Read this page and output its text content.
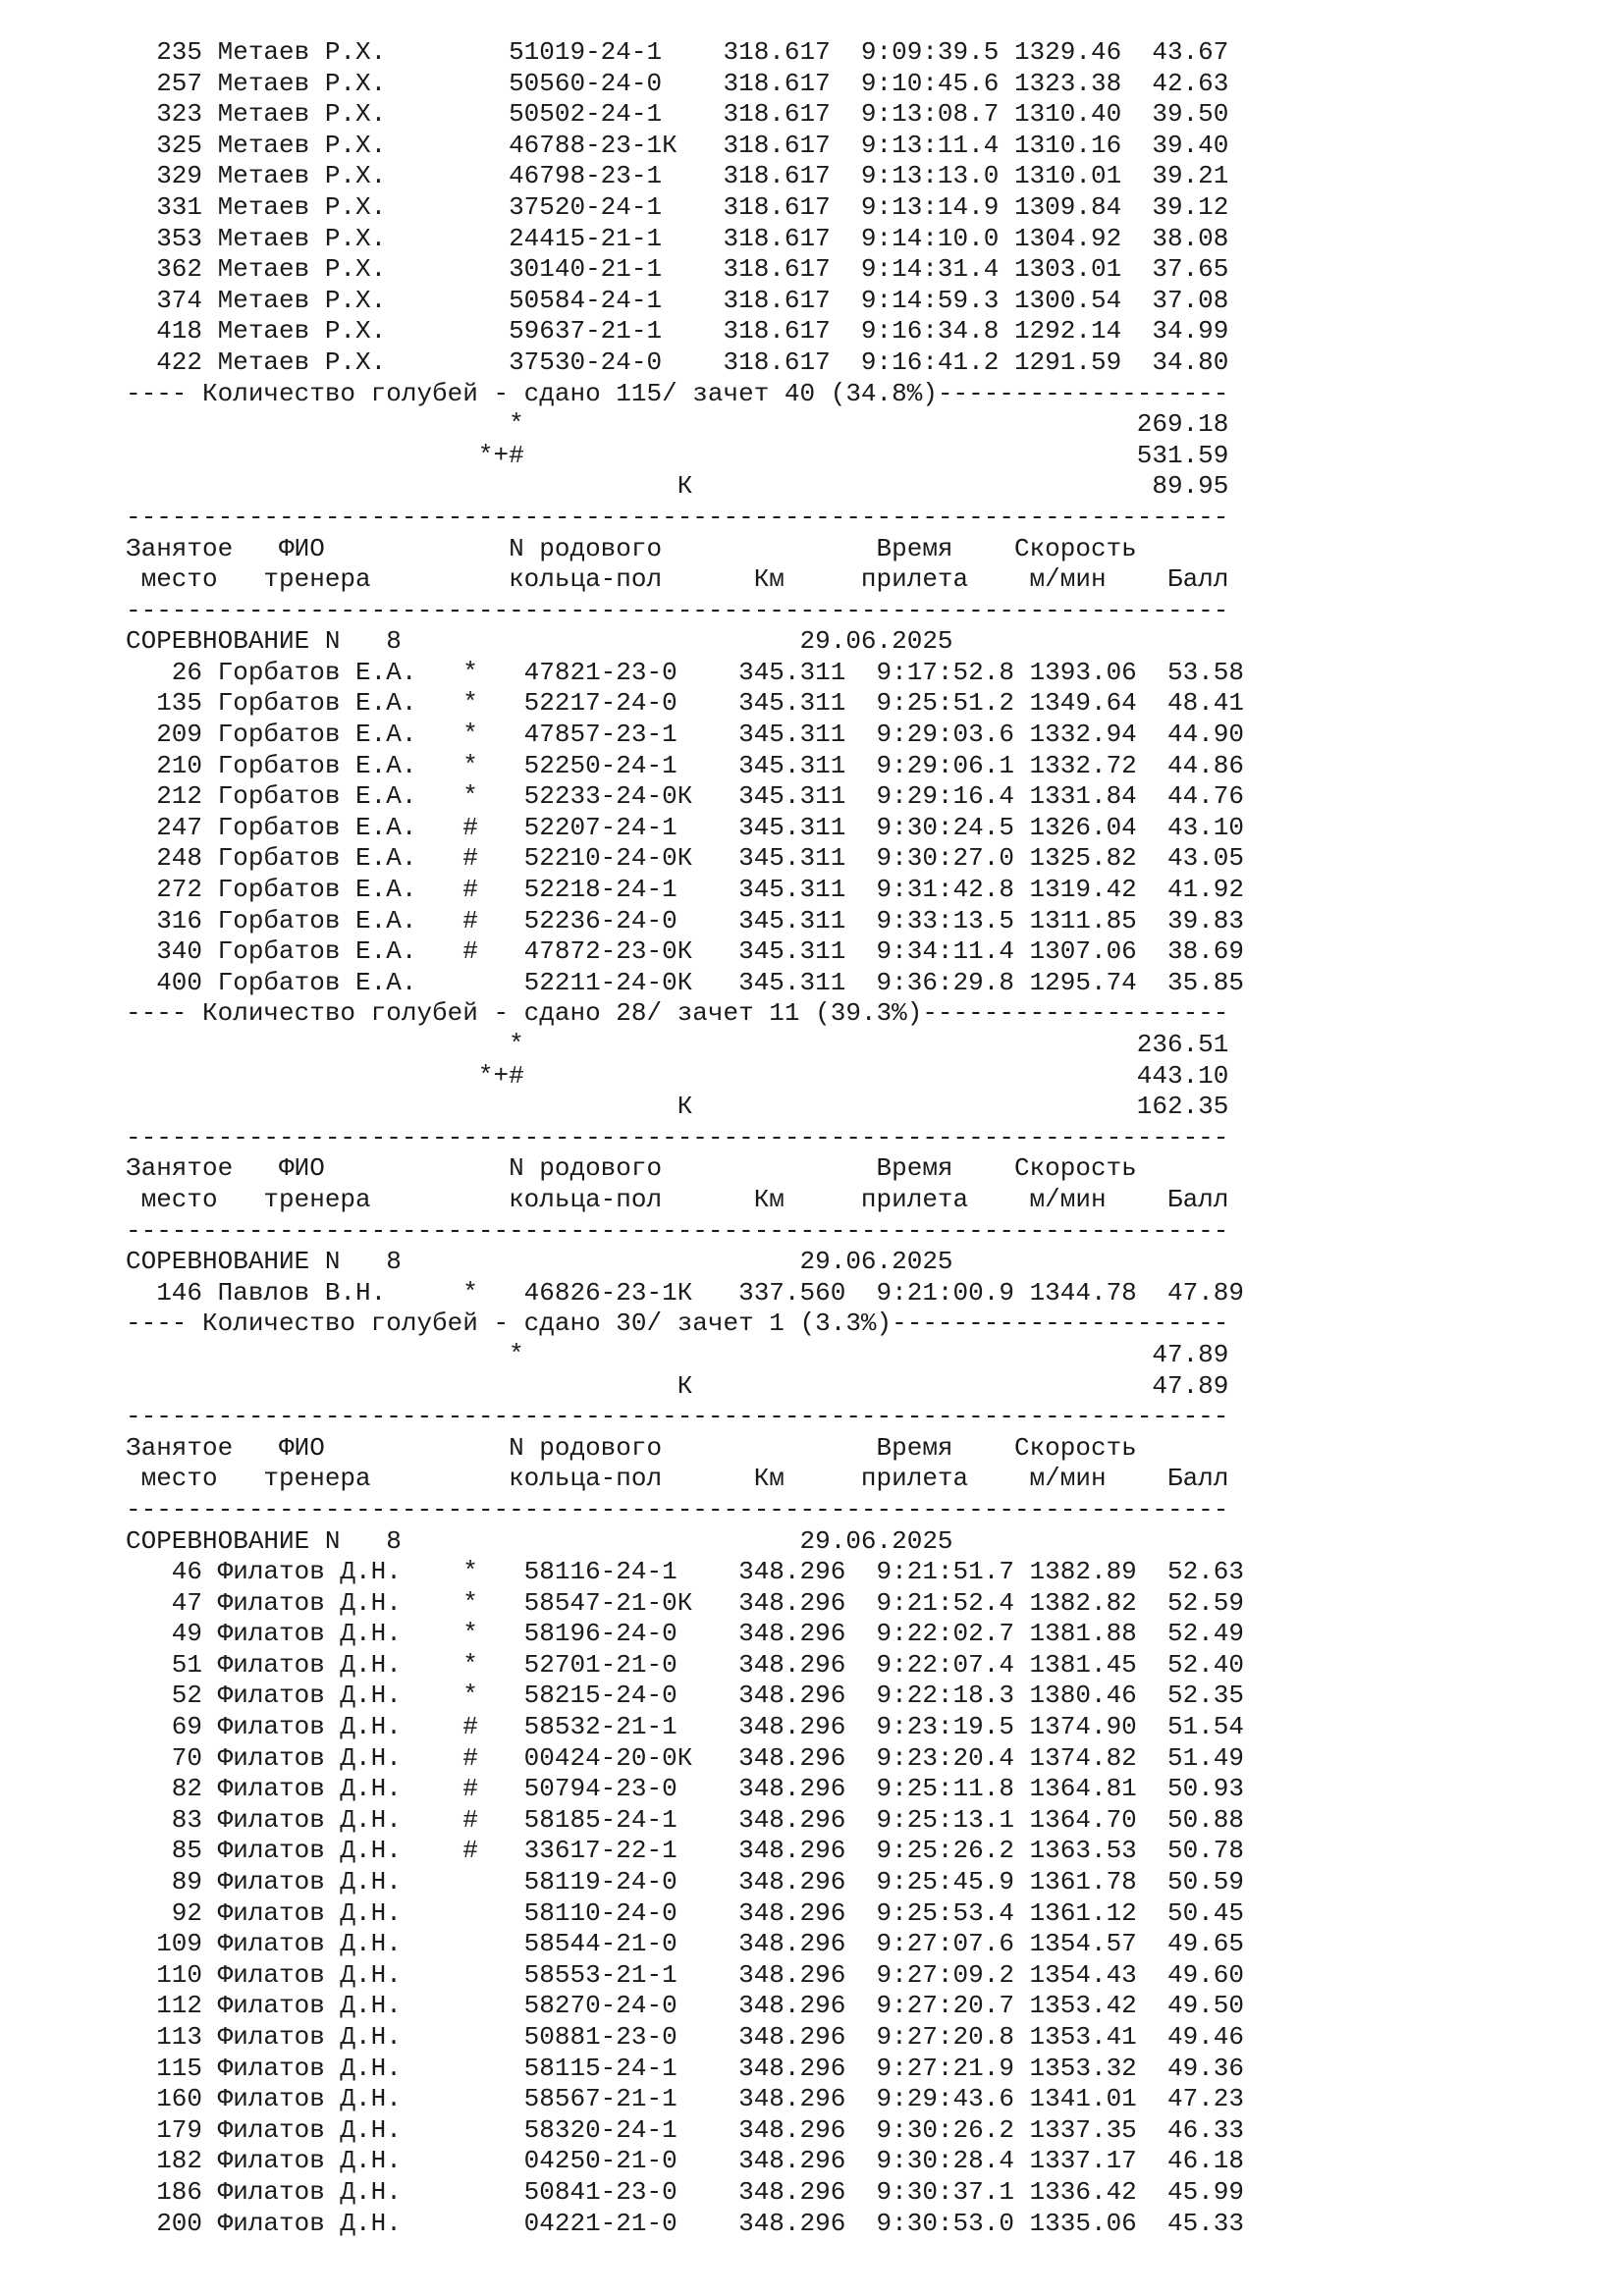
235 Метаев Р.Х.        51019-24-1    318.617  9:09:39.5 1329.46  43.67
257 Метаев Р.Х.        50560-24-0    318.617  9:10:45.6 1323.38  42.63
323 Метаев Р.Х.        50502-24-1    318.617  9:13:08.7 1310.40  39.50
325 Метаев Р.Х.        46788-23-1К   318.617  9:13:11.4 1310.16  39.40
329 Метаев Р.Х.        46798-23-1    318.617  9:13:13.0 1310.01  39.21
331 Метаев Р.Х.        37520-24-1    318.617  9:13:14.9 1309.84  39.12
353 Метаев Р.Х.        24415-21-1    318.617  9:14:10.0 1304.92  38.08
362 Метаев Р.Х.        30140-21-1    318.617  9:14:31.4 1303.01  37.65
374 Метаев Р.Х.        50584-24-1    318.617  9:14:59.3 1300.54  37.08
418 Метаев Р.Х.        59637-21-1    318.617  9:16:34.8 1292.14  34.99
422 Метаев Р.Х.        37530-24-0    318.617  9:16:41.2 1291.59  34.80
---- Количество голубей - сдано 115/ зачет 40 (34.8%)-------------------
*                                        269.18
*+#                                        531.59
К                              89.95
------------------------------------------------------------------------
Занятое   ФИО            N родового              Время    Скорость
место   тренера         кольца-пол      Км     прилета    м/мин    Балл
------------------------------------------------------------------------
СОРЕВНОВАНИЕ N   8                          29.06.2025
26 Горбатов Е.А.   *   47821-23-0    345.311  9:17:52.8 1393.06  53.58
135 Горбатов Е.А.   *   52217-24-0    345.311  9:25:51.2 1349.64  48.41
209 Горбатов Е.А.   *   47857-23-1    345.311  9:29:03.6 1332.94  44.90
210 Горбатов Е.А.   *   52250-24-1    345.311  9:29:06.1 1332.72  44.86
212 Горбатов Е.А.   *   52233-24-0К   345.311  9:29:16.4 1331.84  44.76
247 Горбатов Е.А.   #   52207-24-1    345.311  9:30:24.5 1326.04  43.10
248 Горбатов Е.А.   #   52210-24-0К   345.311  9:30:27.0 1325.82  43.05
272 Горбатов Е.А.   #   52218-24-1    345.311  9:31:42.8 1319.42  41.92
316 Горбатов Е.А.   #   52236-24-0    345.311  9:33:13.5 1311.85  39.83
340 Горбатов Е.А.   #   47872-23-0К   345.311  9:34:11.4 1307.06  38.69
400 Горбатов Е.А.       52211-24-0К   345.311  9:36:29.8 1295.74  35.85
---- Количество голубей - сдано 28/ зачет 11 (39.3%)--------------------
*                                        236.51
*+#                                        443.10
К                             162.35
------------------------------------------------------------------------
Занятое   ФИО            N родового              Время    Скорость
место   тренера         кольца-пол      Км     прилета    м/мин    Балл
------------------------------------------------------------------------
СОРЕВНОВАНИЕ N   8                          29.06.2025
146 Павлов В.Н.     *   46826-23-1К   337.560  9:21:00.9 1344.78  47.89
---- Количество голубей - сдано 30/ зачет 1 (3.3%)----------------------
*                                         47.89
К                              47.89
------------------------------------------------------------------------
Занятое   ФИО            N родового              Время    Скорость
место   тренера         кольца-пол      Км     прилета    м/мин    Балл
------------------------------------------------------------------------
СОРЕВНОВАНИЕ N   8                          29.06.2025
46 Филатов Д.Н.    *   58116-24-1    348.296  9:21:51.7 1382.89  52.63
47 Филатов Д.Н.    *   58547-21-0К   348.296  9:21:52.4 1382.82  52.59
49 Филатов Д.Н.    *   58196-24-0    348.296  9:22:02.7 1381.88  52.49
51 Филатов Д.Н.    *   52701-21-0    348.296  9:22:07.4 1381.45  52.40
52 Филатов Д.Н.    *   58215-24-0    348.296  9:22:18.3 1380.46  52.35
69 Филатов Д.Н.    #   58532-21-1    348.296  9:23:19.5 1374.90  51.54
70 Филатов Д.Н.    #   00424-20-0К   348.296  9:23:20.4 1374.82  51.49
82 Филатов Д.Н.    #   50794-23-0    348.296  9:25:11.8 1364.81  50.93
83 Филатов Д.Н.    #   58185-24-1    348.296  9:25:13.1 1364.70  50.88
85 Филатов Д.Н.    #   33617-22-1    348.296  9:25:26.2 1363.53  50.78
89 Филатов Д.Н.        58119-24-0    348.296  9:25:45.9 1361.78  50.59
92 Филатов Д.Н.        58110-24-0    348.296  9:25:53.4 1361.12  50.45
109 Филатов Д.Н.        58544-21-0    348.296  9:27:07.6 1354.57  49.65
110 Филатов Д.Н.        58553-21-1    348.296  9:27:09.2 1354.43  49.60
112 Филатов Д.Н.        58270-24-0    348.296  9:27:20.7 1353.42  49.50
113 Филатов Д.Н.        50881-23-0    348.296  9:27:20.8 1353.41  49.46
115 Филатов Д.Н.        58115-24-1    348.296  9:27:21.9 1353.32  49.36
160 Филатов Д.Н.        58567-21-1    348.296  9:29:43.6 1341.01  47.23
179 Филатов Д.Н.        58320-24-1    348.296  9:30:26.2 1337.35  46.33
182 Филатов Д.Н.        04250-21-0    348.296  9:30:28.4 1337.17  46.18
186 Филатов Д.Н.        50841-23-0    348.296  9:30:37.1 1336.42  45.99
200 Филатов Д.Н.        04221-21-0    348.296  9:30:53.0 1335.06  45.33
